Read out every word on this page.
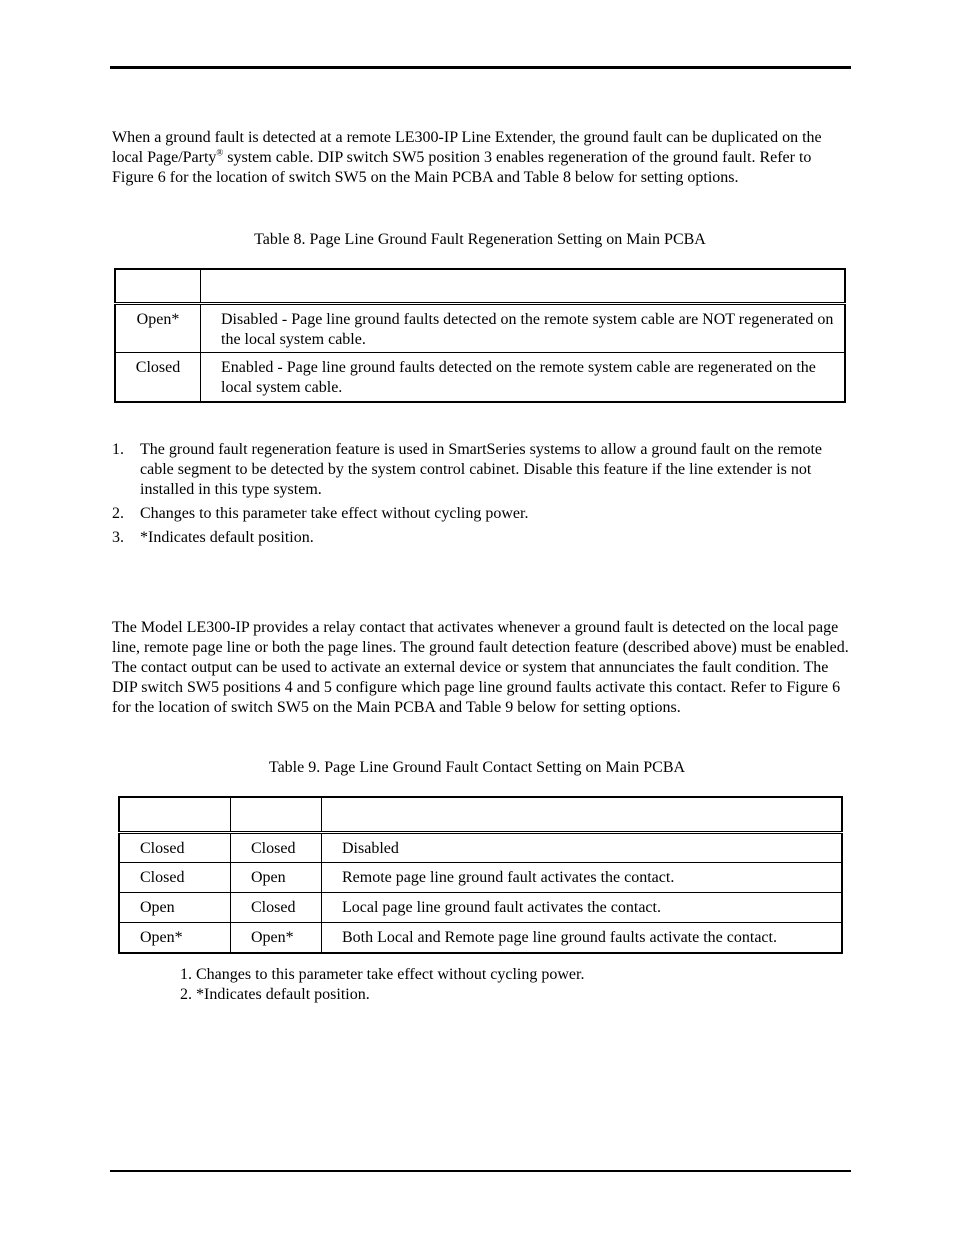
When a ground fault is detected at a remote LE300-IP Line Extender, the ground fault can be duplicated on the local Page/Party® system cable. DIP switch SW5 position 3 enables regeneration of the ground fault. Refer to Figure 6 for the location of switch SW5 on the Main PCBA and Table 8 below for setting options.

Table 8. Page Line Ground Fault Regeneration Setting on Main PCBA

Open*	Disabled - Page line ground faults detected on the remote system cable are NOT regenerated on the local system cable.
Closed	Enabled - Page line ground faults detected on the remote system cable are regenerated on the local system cable.
1. The ground fault regeneration feature is used in SmartSeries systems to allow a ground fault on the remote cable segment to be detected by the system control cabinet. Disable this feature if the line extender is not installed in this type system.
2. Changes to this parameter take effect without cycling power.
3. *Indicates default position.

The Model LE300-IP provides a relay contact that activates whenever a ground fault is detected on the local page line, remote page line or both the page lines. The ground fault detection feature (described above) must be enabled. The contact output can be used to activate an external device or system that annunciates the fault condition. The DIP switch SW5 positions 4 and 5 configure which page line ground faults activate this contact. Refer to Figure 6 for the location of switch SW5 on the Main PCBA and Table 9 below for setting options.

Table 9. Page Line Ground Fault Contact Setting on Main PCBA

Closed	Closed	Disabled
Closed	Open	Remote page line ground fault activates the contact.
Open	Closed	Local page line ground fault activates the contact.
Open*	Open*	Both Local and Remote page line ground faults activate the contact.
1. Changes to this parameter take effect without cycling power.
2. *Indicates default position.
